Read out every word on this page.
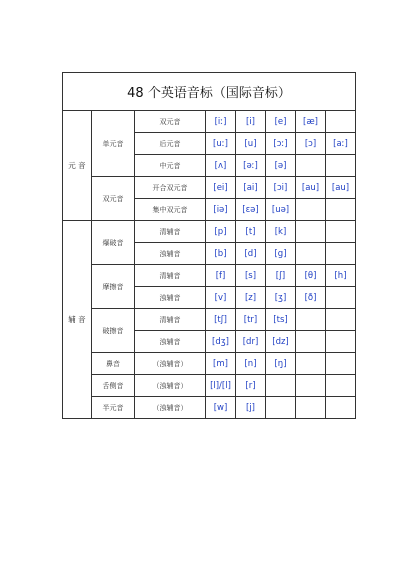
48 个英语音标（国际音标）							
元 音	单元音	双元音	[iː]	[i]	[e]	[æ]	
		后元音	[uː]	[u]	[ɔː]	[ɔ]	[aː]
		中元音	[ʌ]	[əː]	[ə]		
	双元音	开合双元音	[ei]	[ai]	[ɔi]	[au]	[au]
		集中双元音	[iə]	[ɛə]	[uə]		
辅 音	爆破音	清辅音	[p]	[t]	[k]		
		浊辅音	[b]	[d]	[g]		
	摩擦音	清辅音	[f]	[s]	[ʃ]	[θ]	[h]
		浊辅音	[v]	[z]	[ʒ]	[ð]	
	破擦音	清辅音	[tʃ]	[tr]	[ts]		
		浊辅音	[dʒ]	[dr]	[dz]		
	鼻音	（浊辅音）	[m]	[n]	[ŋ]		
	舌侧音	（浊辅音）	[l]/[l]	[r]			
	半元音	（浊辅音）	[w]	[j]			
